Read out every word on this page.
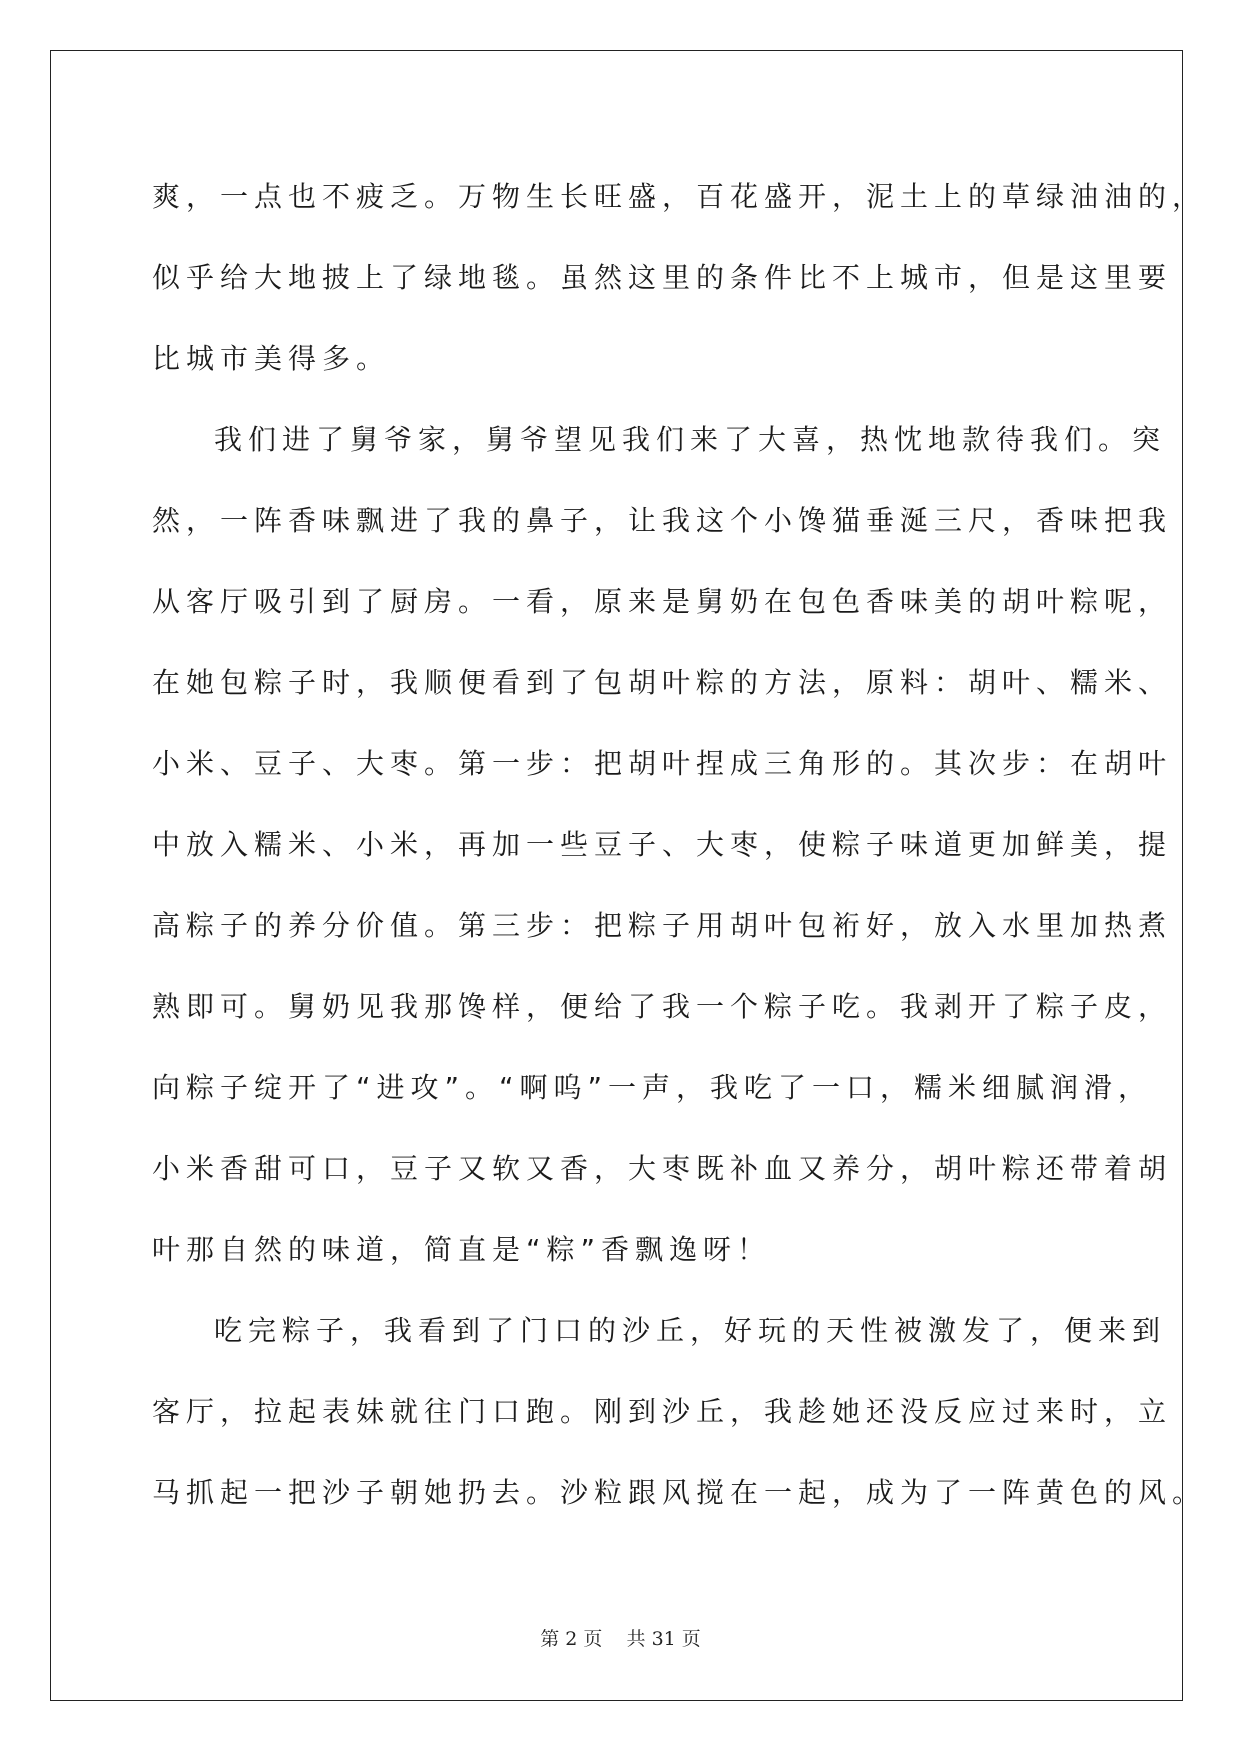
爽，一点也不疲乏。万物生长旺盛，百花盛开，泥土上的草绿油油的，
似乎给大地披上了绿地毯。虽然这里的条件比不上城市，但是这里要
比城市美得多。
我们进了舅爷家，舅爷望见我们来了大喜，热忱地款待我们。突
然，一阵香味飘进了我的鼻子，让我这个小馋猫垂涎三尺，香味把我
从客厅吸引到了厨房。一看，原来是舅奶在包色香味美的胡叶粽呢，
在她包粽子时，我顺便看到了包胡叶粽的方法，原料：胡叶、糯米、
小米、豆子、大枣。第一步：把胡叶捏成三角形的。其次步：在胡叶
中放入糯米、小米，再加一些豆子、大枣，使粽子味道更加鲜美，提
高粽子的养分价值。第三步：把粽子用胡叶包裄好，放入水里加热煮
熟即可。舅奶见我那馋样，便给了我一个粽子吃。我剥开了粽子皮，
向粽子绽开了“进攻”。“啊呜”一声，我吃了一口，糯米细腻润滑，
小米香甜可口，豆子又软又香，大枣既补血又养分，胡叶粽还带着胡
叶那自然的味道，简直是“粽”香飘逸呀！
吃完粽子，我看到了门口的沙丘，好玩的天性被激发了，便来到
客厅，拉起表妹就往门口跑。刚到沙丘，我趁她还没反应过来时，立
马抓起一把沙子朝她扔去。沙粒跟风搅在一起，成为了一阵黄色的风。
第 2 页    共 31 页
